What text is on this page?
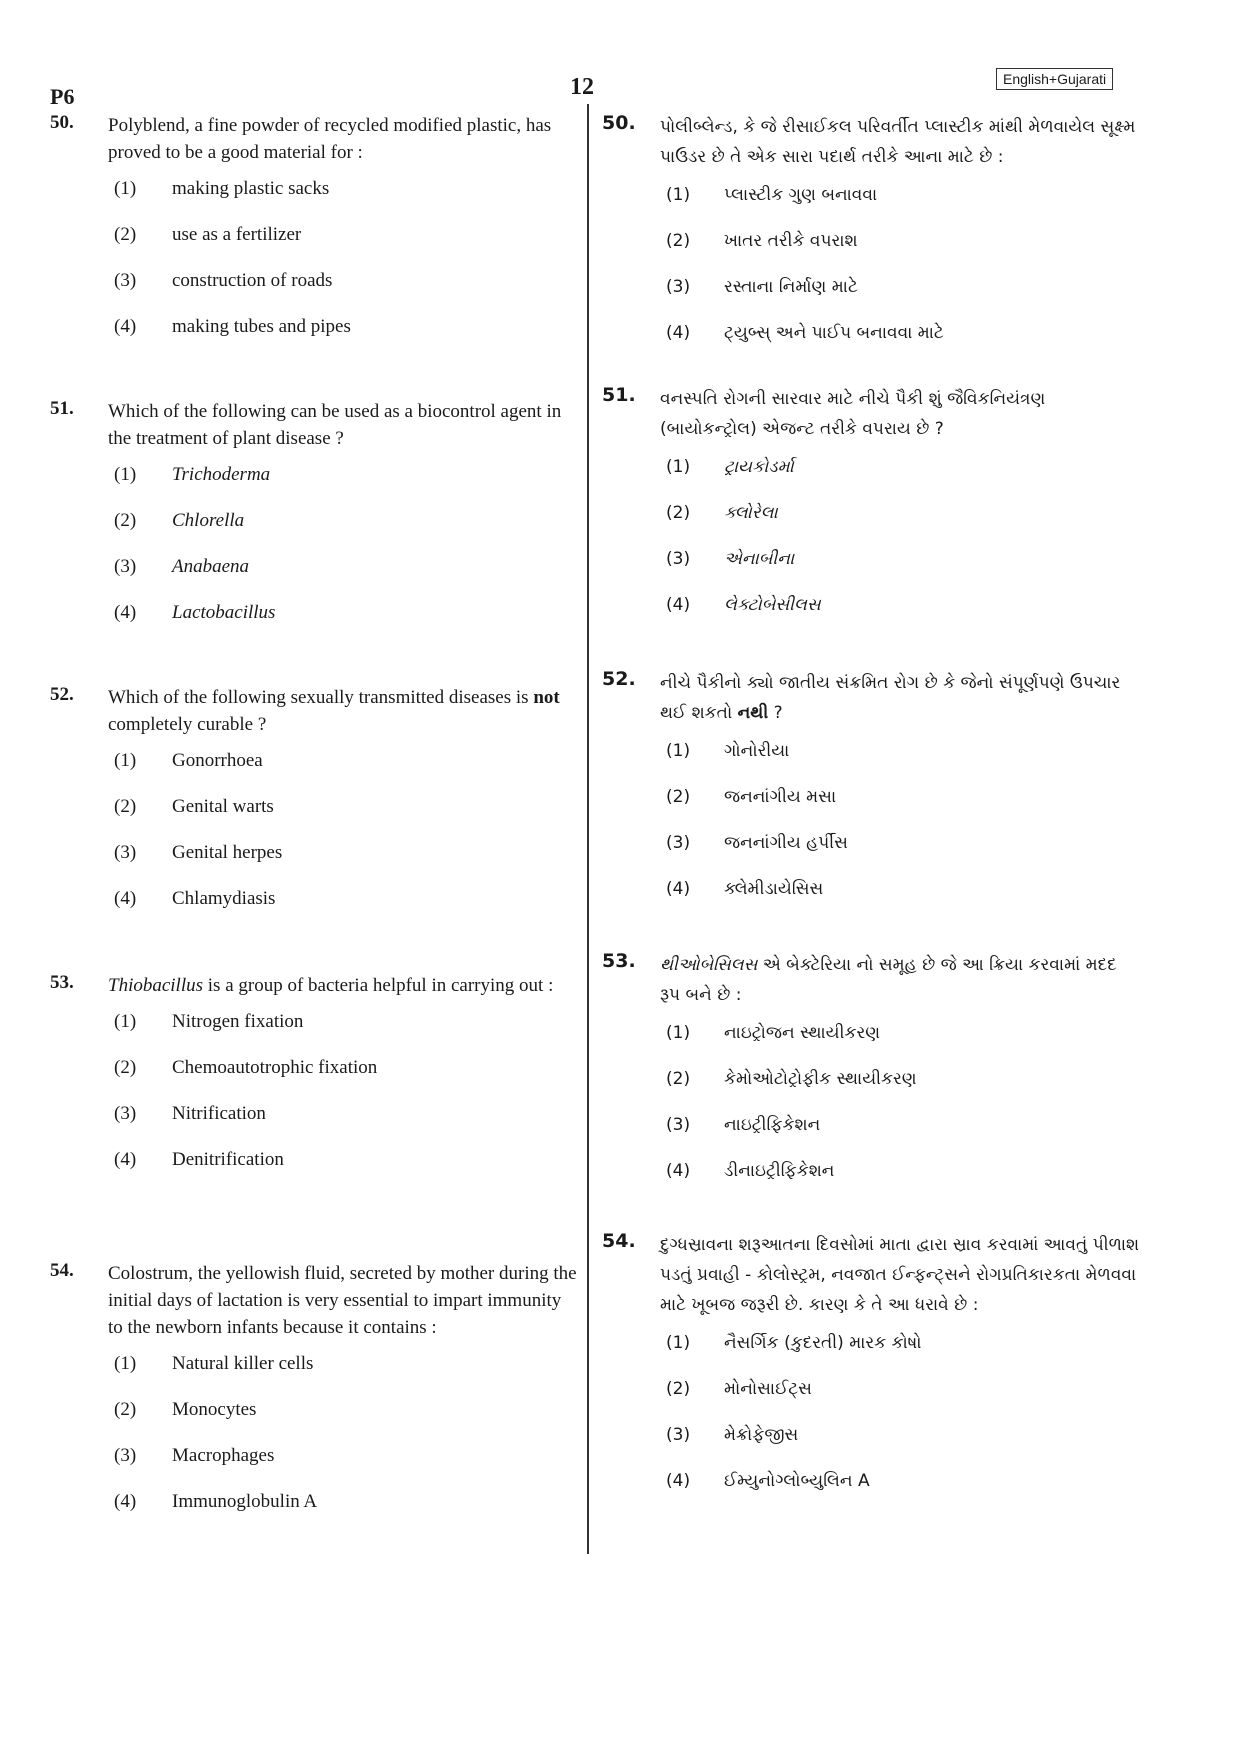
P6	12	English+Gujarati
50. Polyblend, a fine powder of recycled modified plastic, has proved to be a good material for :
(1) making plastic sacks
(2) use as a fertilizer
(3) construction of roads
(4) making tubes and pipes
51. Which of the following can be used as a biocontrol agent in the treatment of plant disease ?
(1) Trichoderma
(2) Chlorella
(3) Anabaena
(4) Lactobacillus
52. Which of the following sexually transmitted diseases is not completely curable ?
(1) Gonorrhoea
(2) Genital warts
(3) Genital herpes
(4) Chlamydiasis
53. Thiobacillus is a group of bacteria helpful in carrying out :
(1) Nitrogen fixation
(2) Chemoautotrophic fixation
(3) Nitrification
(4) Denitrification
54. Colostrum, the yellowish fluid, secreted by mother during the initial days of lactation is very essential to impart immunity to the newborn infants because it contains :
(1) Natural killer cells
(2) Monocytes
(3) Macrophages
(4) Immunoglobulin A
50. પોલીબ્લેન્ડ, કે જે રીસાઈકલ પરિવર્તીત પ્લાસ્ટીક માંથી મેળવાયેલ સૂક્ષ્મ પાઉડર છે તે એક સારા પદાર્થ તરીકે આના માટે છે :
(1) પ્લાસ્ટીક ગુણ બનાવવા
(2) ખાતર તરીકે વપરાશ
(3) રસ્તાના નિર્માણ માટે
(4) ટ્યુબ્સ્ અને પાઈપ બનાવવા માટે
51. વનસ્પતિ રોગની સારવાર માટે નીચે પૈકી શું જૈવિકનિયંત્રણ (બાયોકન્ટ્રોલ) એજન્ટ તરીકે વપરાય છે ?
(1) ટ્રાયકોડર્મા
(2) ક્લોરેલા
(3) એનાબીના
(4) લેક્ટોબેસીલસ
52. નીચે પૈકીનો ક્યો જાતીય સંક્રમિત રોગ છે કે જેનો સંપૂર્ણપણે ઉપચાર થઈ શકતો નથી ?
(1) ગોનોરીયા
(2) જનનાંગીય મસા
(3) જનનાંગીય હર્પીસ
(4) ક્લેમીડાયેસિસ
53. થીઓબેસિલસ એ બેક્ટેરિયા નો સમૂહ છે જે આ ક્રિયા કરવામાં મદદ રૂપ બને છે :
(1) નાઇટ્રોજન સ્થાયીકરણ
(2) કેમોઓટોટ્રોફીક સ્થાયીકરણ
(3) નાઇટ્રીફિકેશન
(4) ડીનાઇટ્રીફિકેશન
54. દુગ્ધસ્રાવના શરૂઆતના દિવસોમાં માતા દ્વારા સ્રાવ કરવામાં આવતું પીળાશ પડતું પ્રવાહી - કોલોસ્ટ્રમ, નવજાત ઈન્ફન્ટ્સને રોગપ્રતિકારકતા મેળવવા માટે ખૂબજ જરૂરી છે. કારણ કે તે આ ધરાવે છે :
(1) નૈસર્ગિક (કુદરતી) મારક કોષો
(2) મોનોસાઈટ્સ
(3) મેક્રોફેજીસ
(4) ઈમ્યુનોગ્લોબ્યુલિન A
